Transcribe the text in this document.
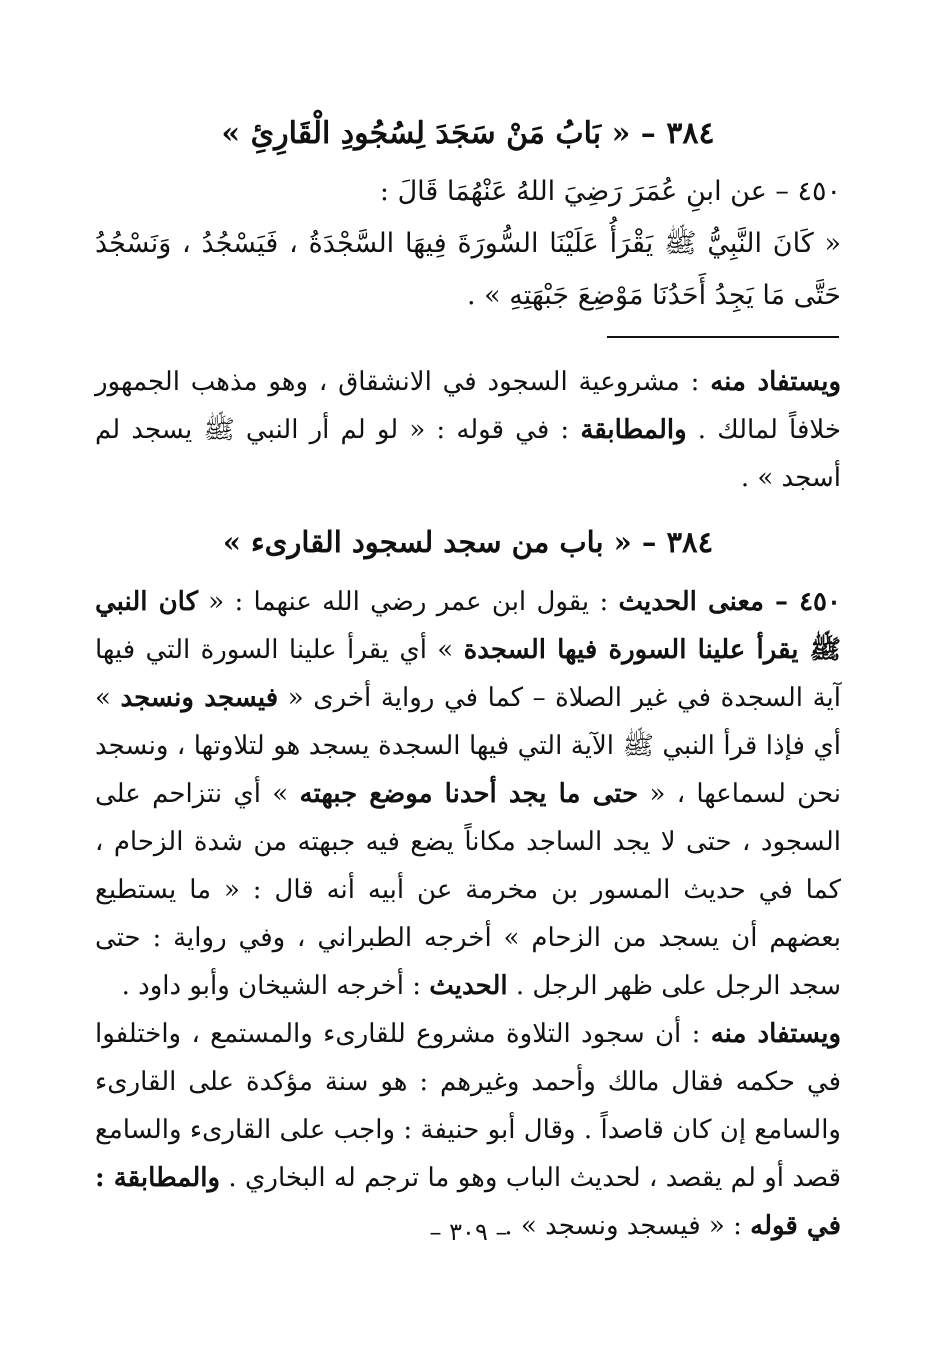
٣٨٤ – « بَابُ مَنْ سَجَدَ لِسُجُودِ الْقَارِئِ »

٤٥٠ – عن ابنِ عُمَرَ رَضِيَ اللهُ عَنْهُمَا قَالَ :

« كَانَ النَّبِيُّ ﷺ يَقْرَأُ عَلَيْنَا السُّورَةَ فِيهَا السَّجْدَةُ ، فَيَسْجُدُ ، وَنَسْجُدُ حَتَّى مَا يَجِدُ أَحَدُنَا مَوْضِعَ جَبْهَتِهِ » .

ويستفاد منه : مشروعية السجود في الانشقاق ، وهو مذهب الجمهور خلافاً لمالك . والمطابقة : في قوله : « لو لم أر النبي ﷺ يسجد لم أسجد » .

٣٨٤ – « باب من سجد لسجود القارىء »

٤٥٠ – معنى الحديث : يقول ابن عمر رضي الله عنهما : « كان النبي ﷺ يقرأ علينا السورة فيها السجدة » أي يقرأ علينا السورة التي فيها آية السجدة في غير الصلاة – كما في رواية أخرى « فيسجد ونسجد » أي فإذا قرأ النبي ﷺ الآية التي فيها السجدة يسجد هو لتلاوتها ، ونسجد نحن لسماعها ، « حتى ما يجد أحدنا موضع جبهته » أي نتزاحم على السجود ، حتى لا يجد الساجد مكاناً يضع فيه جبهته من شدة الزحام ، كما في حديث المسور بن مخرمة عن أبيه أنه قال : « ما يستطيع بعضهم أن يسجد من الزحام » أخرجه الطبراني ، وفي رواية : حتى سجد الرجل على ظهر الرجل . الحديث : أخرجه الشيخان وأبو داود .

ويستفاد منه : أن سجود التلاوة مشروع للقارىء والمستمع ، واختلفوا في حكمه فقال مالك وأحمد وغيرهم : هو سنة مؤكدة على القارىء والسامع إن كان قاصداً . وقال أبو حنيفة : واجب على القارىء والسامع قصد أو لم يقصد ، لحديث الباب وهو ما ترجم له البخاري . والمطابقة : في قوله : « فيسجد ونسجد » .

– ٣٠٩ –
